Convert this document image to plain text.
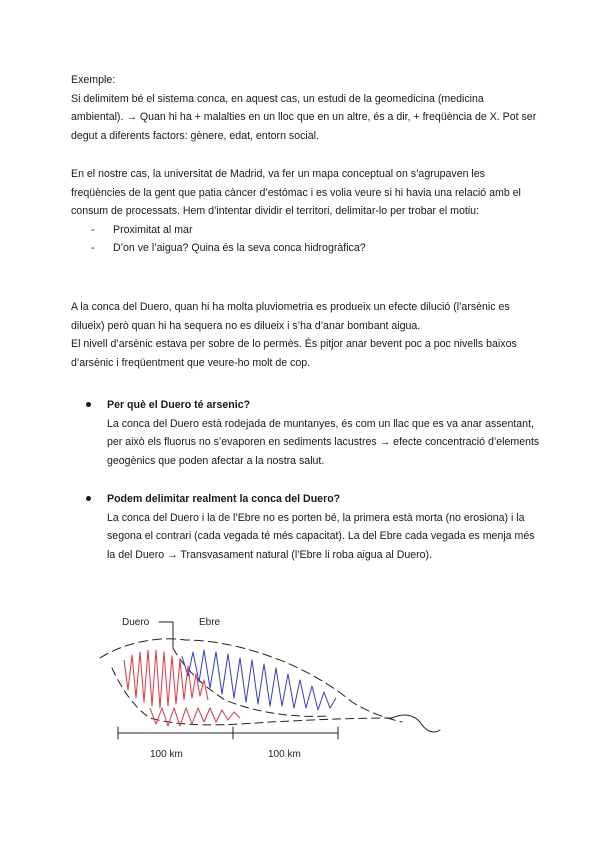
Exemple:

Si delimitem bé el sistema conca, en aquest cas, un estudi de la geomedicina (medicina ambiental). → Quan hi ha + malalties en un lloc que en un altre, és a dir, + freqüència de X. Pot ser degut a diferents factors: gènere, edat, entorn social.

En el nostre cas, la universitat de Madrid, va fer un mapa conceptual on s’agrupaven les freqüències de la gent que patia càncer d’estómac i es volia veure si hi havia una relació amb el consum de processats. Hem d’intentar dividir el territori, delimitar-lo per trobar el motiu:

- Proximitat al mar
- D’on ve l’aigua? Quina és la seva conca hidrogràfica?

A la conca del Duero, quan hi ha molta pluviometria es produeix un efecte dilució (l’arsènic es dilueix) però quan hi ha sequera no es dilueix i s’ha d’anar bombant aigua.

El nivell d’arsènic estava per sobre de lo permès. És pitjor anar bevent poc a poc nivells baixos d’arsènic i freqüentment que veure-ho molt de cop.

Per què el Duero té arsenic?
La conca del Duero està rodejada de muntanyes, és com un llac que es va anar assentant, per això els fluorus no s’evaporen en sediments lacustres → efecte concentració d’elements geogènics que poden afectar a la nostra salut.
Podem delimitar realment la conca del Duero?
La conca del Duero i la de l’Ebre no es porten bé, la primera està morta (no erosiona) i la segona el contrari (cada vegada té més capacitat). La del Ebre cada vegada es menja més la del Duero → Transvasament natural (l’Ebre li roba aigua al Duero).
Duero	Ebre
100 km	100 km
